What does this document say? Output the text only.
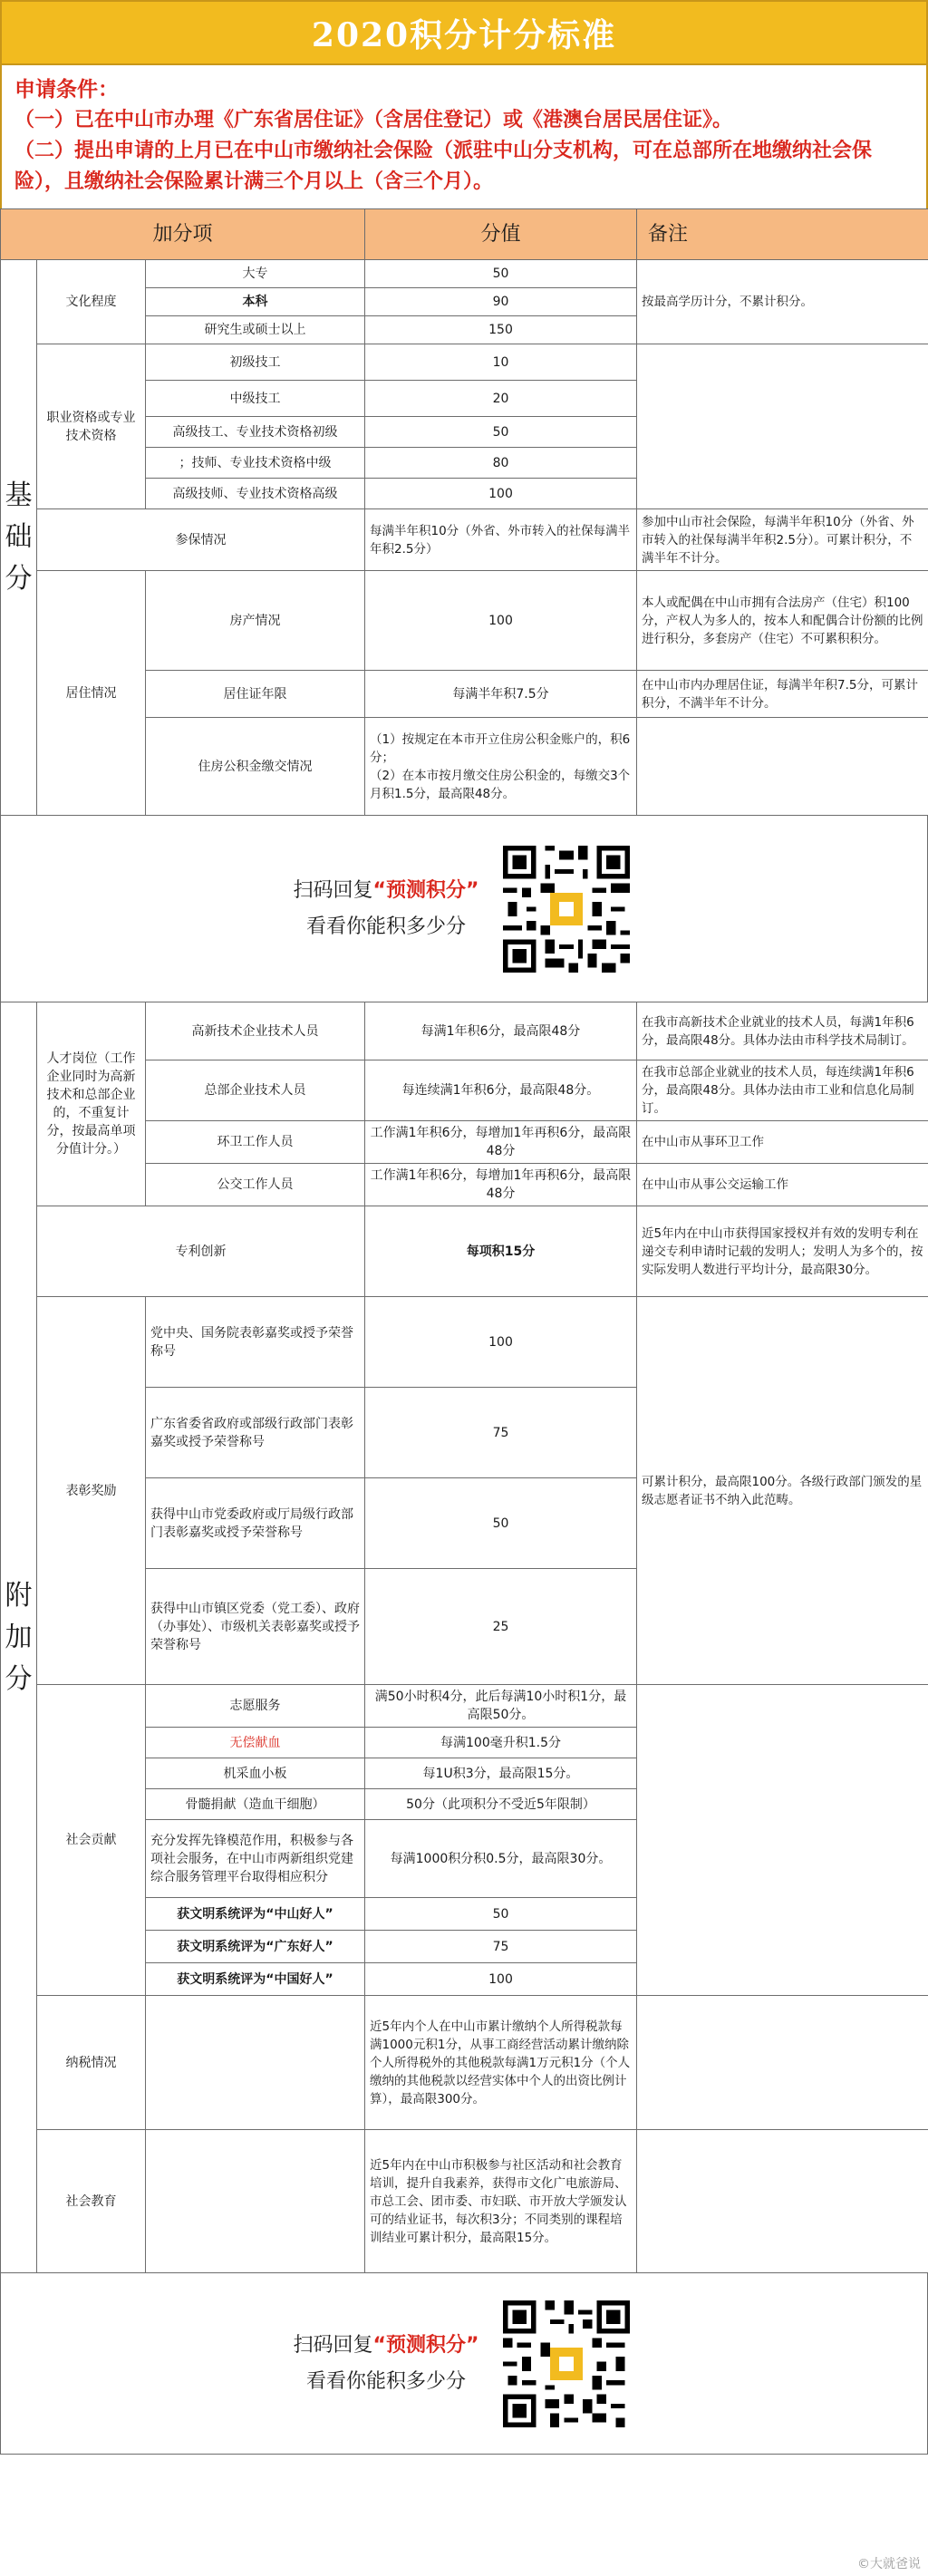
2020积分计分标准
申请条件：
（一）已在中山市办理《广东省居住证》（含居住登记）或《港澳台居民居住证》。
（二）提出申请的上月已在中山市缴纳社会保险（派驻中山分支机构，可在总部所在地缴纳社会保险），且缴纳社会保险累计满三个月以上（含三个月）。
加分项			分值	备注

基础分	文化程度	大专	50	按最高学历计分，不累计积分。
		本科	90	
		研究生或硕士以上	150	
	职业资格或专业技术资格	初级技工	10	
		中级技工	20	
		高级技工、专业技术资格初级	50	
		；技师、专业技术资格中级	80	
		高级技师、专业技术资格高级	100	
	参保情况		每满半年积10分（外省、外市转入的社保每满半年积2.5分）	参加中山市社会保险，每满半年积10分（外省、外市转入的社保每满半年积2.5分）。可累计积分，不满半年不计分。
	居住情况	房产情况	100	本人或配偶在中山市拥有合法房产（住宅）积100分，产权人为多人的，按本人和配偶合计份额的比例进行积分，多套房产（住宅）不可累积积分。
		居住证年限	每满半年积7.5分	在中山市内办理居住证，每满半年积7.5分，可累计积分，不满半年不计分。
		住房公积金缴交情况	（1）按规定在本市开立住房公积金账户的，积6分；
（2）在本市按月缴交住房公积金的，每缴交3个月积1.5分，最高限48分。	
扫码回复“预测积分”
看看你能积多少分
附加分	人才岗位（工作企业同时为高新技术和总部企业的，不重复计分，按最高单项分值计分。）	高新技术企业技术人员	每满1年积6分，最高限48分	在我市高新技术企业就业的技术人员，每满1年积6分，最高限48分。具体办法由市科学技术局制订。
		总部企业技术人员	每连续满1年积6分，最高限48分。	在我市总部企业就业的技术人员，每连续满1年积6分，最高限48分。具体办法由市工业和信息化局制订。
		环卫工作人员	工作满1年积6分，每增加1年再积6分，最高限48分	在中山市从事环卫工作
		公交工作人员	工作满1年积6分，每增加1年再积6分，最高限48分	在中山市从事公交运输工作
	专利创新		每项积15分	近5年内在中山市获得国家授权并有效的发明专利在递交专利申请时记载的发明人；发明人为多个的，按实际发明人数进行平均计分，最高限30分。
	表彰奖励	党中央、国务院表彰嘉奖或授予荣誉称号	100	可累计积分，最高限100分。各级行政部门颁发的星级志愿者证书不纳入此范畴。
		广东省委省政府或部级行政部门表彰嘉奖或授予荣誉称号	75	
		获得中山市党委政府或厅局级行政部门表彰嘉奖或授予荣誉称号	50	
		获得中山市镇区党委（党工委）、政府（办事处）、市级机关表彰嘉奖或授予荣誉称号	25	
	社会贡献	志愿服务	满50小时积4分，此后每满10小时积1分，最高限50分。	
		无偿献血	每满100毫升积1.5分	
		机采血小板	每1U积3分，最高限15分。	
		骨髓捐献（造血干细胞）	50分（此项积分不受近5年限制）	
		充分发挥先锋模范作用，积极参与各项社会服务，在中山市两新组织党建综合服务管理平台取得相应积分	每满1000积分积0.5分，最高限30分。	
		获文明系统评为“中山好人”	50	
		获文明系统评为“广东好人”	75	
		获文明系统评为“中国好人”	100	
	纳税情况		近5年内个人在中山市累计缴纳个人所得税款每满1000元积1分，从事工商经营活动累计缴纳除个人所得税外的其他税款每满1万元积1分（个人缴纳的其他税款以经营实体中个人的出资比例计算），最高限300分。	
	社会教育		近5年内在中山市积极参与社区活动和社会教育培训，提升自我素养，获得市文化广电旅游局、市总工会、团市委、市妇联、市开放大学颁发认可的结业证书，每次积3分；不同类别的课程培训结业可累计积分，最高限15分。	
扫码回复“预测积分”
看看你能积多少分
©大就爸说
